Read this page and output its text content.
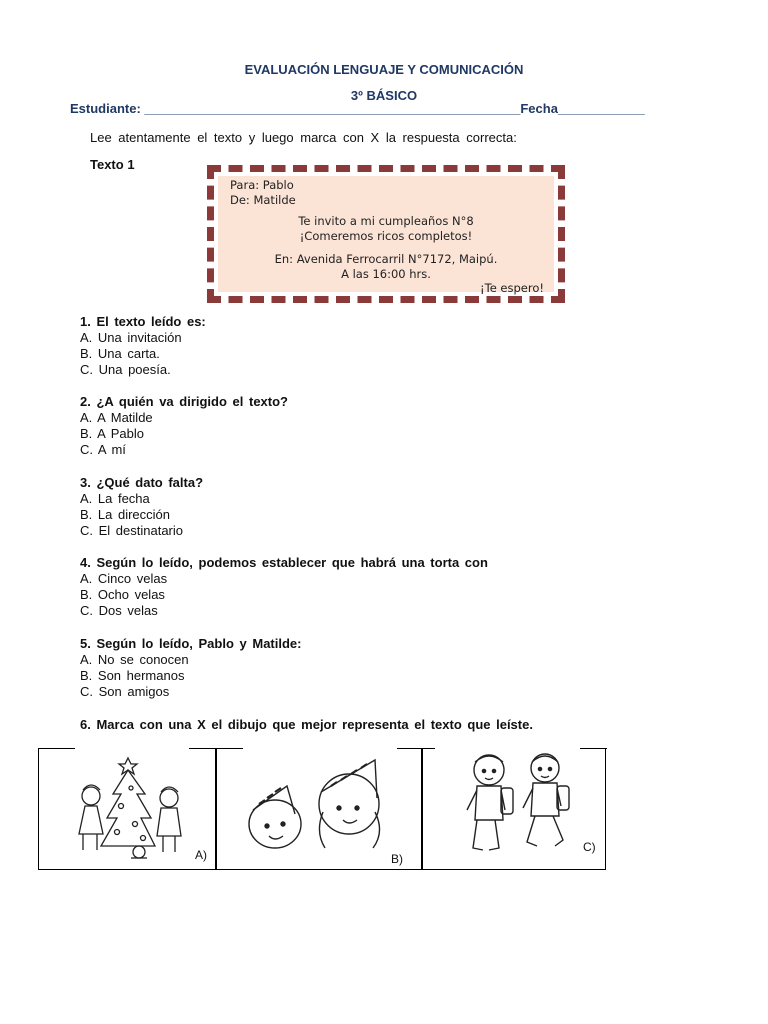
EVALUACIÓN LENGUAJE Y COMUNICACIÓN
3º BÁSICO
Estudiante: ____________________________________________________Fecha____________
Lee atentamente el texto y luego marca con X la respuesta correcta:
Texto 1
Para: Pablo
De: Matilde
Te invito a mi cumpleaños N°8
¡Comeremos ricos completos!
En: Avenida Ferrocarril N°7172, Maipú.
A las 16:00 hrs.
¡Te espero!
1. El texto leído es:
A. Una invitación
B. Una carta.
C. Una poesía.
2. ¿A quién va dirigido el texto?
A. A Matilde
B. A Pablo
C. A mí
3. ¿Qué dato falta?
A. La fecha
B. La dirección
C. El destinatario
4. Según lo leído, podemos establecer que habrá una torta con
A. Cinco velas
B. Ocho velas
C. Dos velas
5. Según lo leído, Pablo y Matilde:
A. No se conocen
B. Son hermanos
C. Son amigos
6. Marca con una X el dibujo que mejor representa el texto que leíste.
A)	B)
C)
